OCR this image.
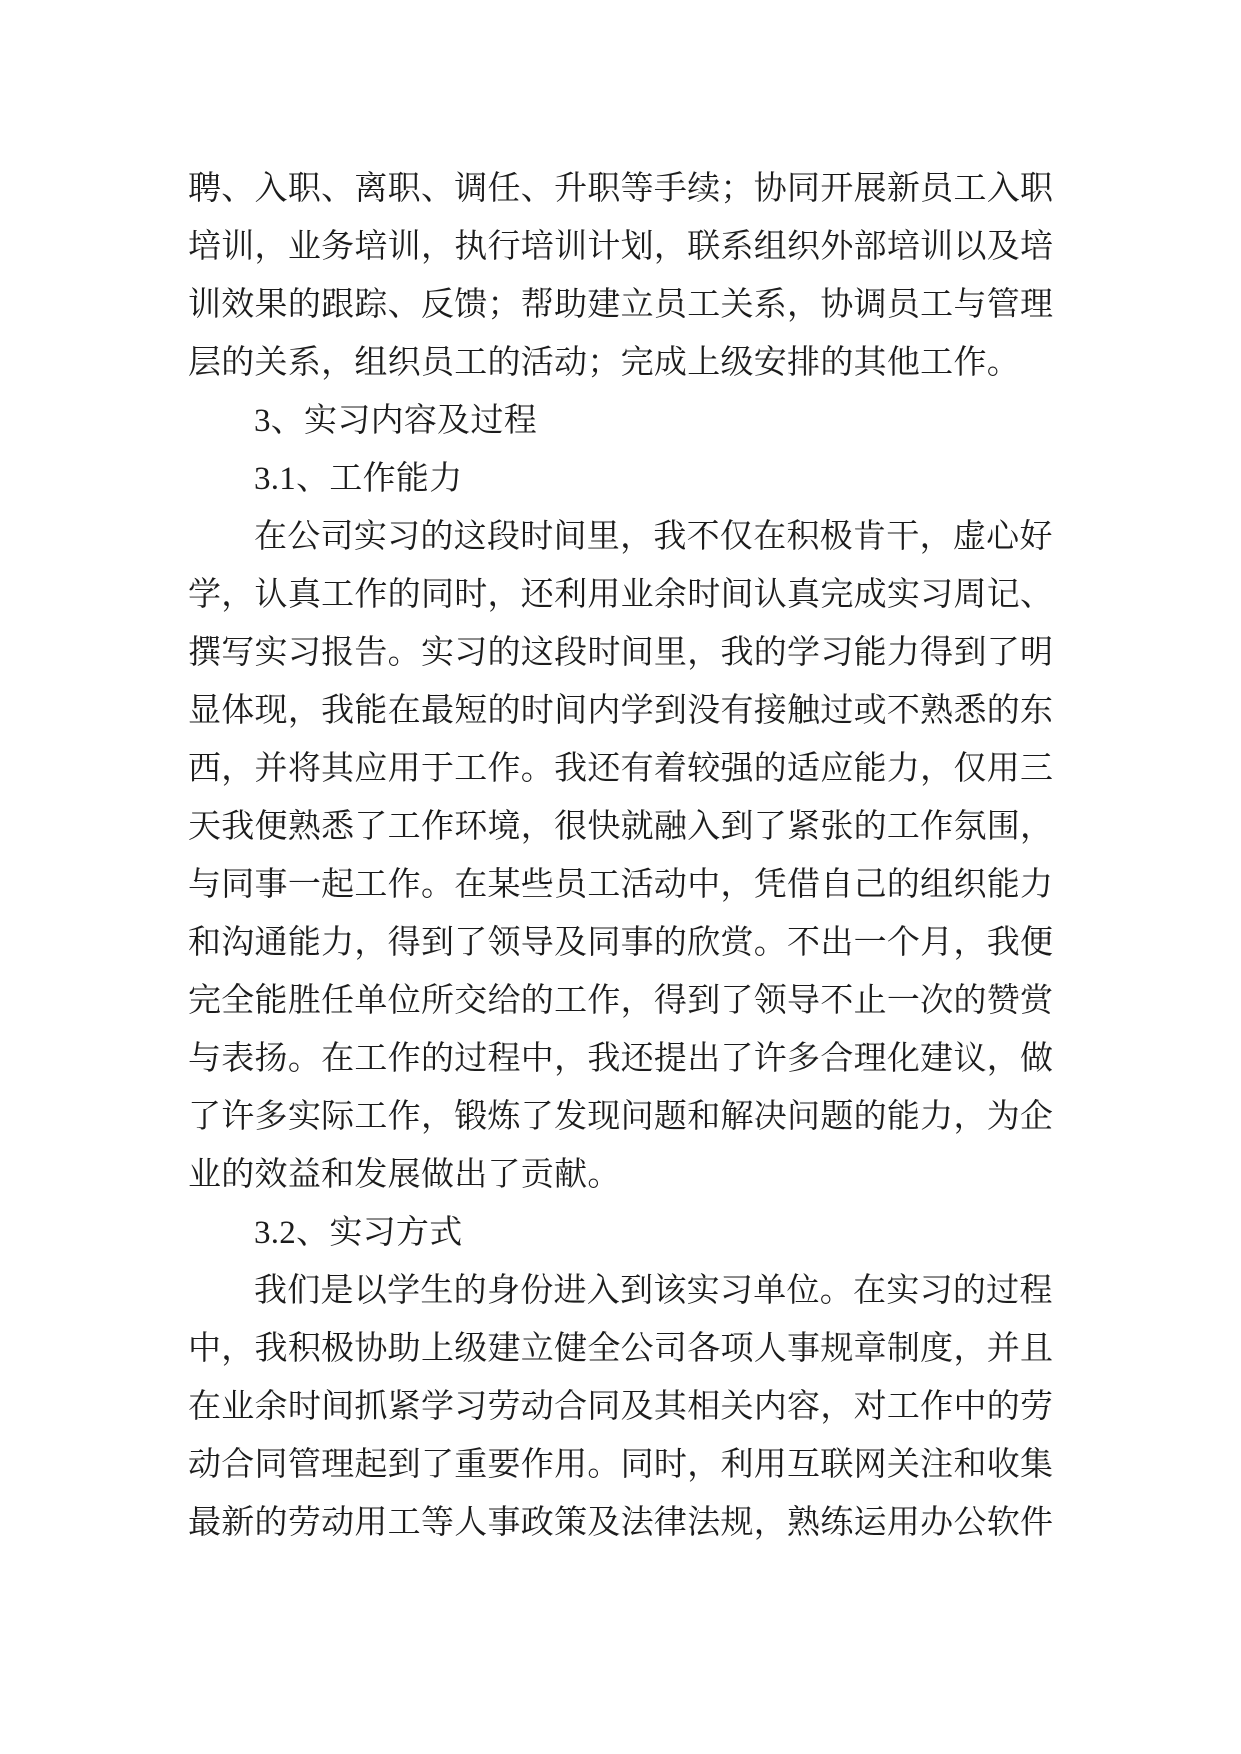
聘、入职、离职、调任、升职等手续；协同开展新员工入职
培训，业务培训，执行培训计划，联系组织外部培训以及培
训效果的跟踪、反馈；帮助建立员工关系，协调员工与管理
层的关系，组织员工的活动；完成上级安排的其他工作。
3、实习内容及过程
3.1、工作能力
在公司实习的这段时间里，我不仅在积极肯干，虚心好
学，认真工作的同时，还利用业余时间认真完成实习周记、
撰写实习报告。实习的这段时间里，我的学习能力得到了明
显体现，我能在最短的时间内学到没有接触过或不熟悉的东
西，并将其应用于工作。我还有着较强的适应能力，仅用三
天我便熟悉了工作环境，很快就融入到了紧张的工作氛围，
与同事一起工作。在某些员工活动中，凭借自己的组织能力
和沟通能力，得到了领导及同事的欣赏。不出一个月，我便
完全能胜任单位所交给的工作，得到了领导不止一次的赞赏
与表扬。在工作的过程中，我还提出了许多合理化建议，做
了许多实际工作，锻炼了发现问题和解决问题的能力，为企
业的效益和发展做出了贡献。
3.2、实习方式
我们是以学生的身份进入到该实习单位。在实习的过程
中，我积极协助上级建立健全公司各项人事规章制度，并且
在业余时间抓紧学习劳动合同及其相关内容，对工作中的劳
动合同管理起到了重要作用。同时，利用互联网关注和收集
最新的劳动用工等人事政策及法律法规，熟练运用办公软件
